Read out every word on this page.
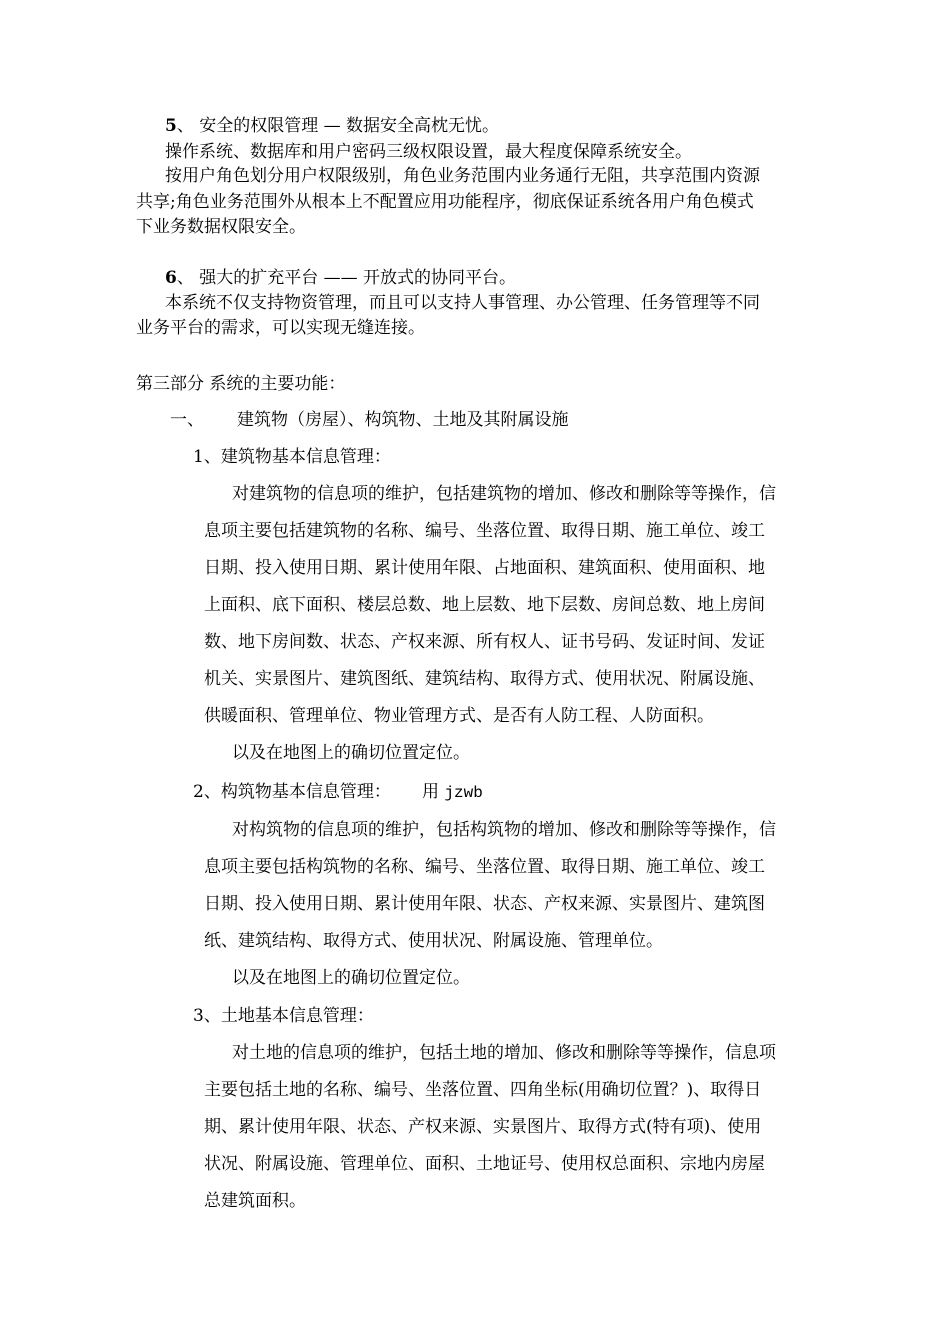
5、 安全的权限管理 — 数据安全高枕无忧。
操作系统、数据库和用户密码三级权限设置，最大程度保障系统安全。
按用户角色划分用户权限级别，角色业务范围内业务通行无阻，共享范围内资源
共享;角色业务范围外从根本上不配置应用功能程序，彻底保证系统各用户角色模式
下业务数据权限安全。
6、 强大的扩充平台 —— 开放式的协同平台。
本系统不仅支持物资管理，而且可以支持人事管理、办公管理、任务管理等不同
业务平台的需求，可以实现无缝连接。
第三部分 系统的主要功能：
一、 建筑物（房屋）、构筑物、土地及其附属设施
1、建筑物基本信息管理：
对建筑物的信息项的维护，包括建筑物的增加、修改和删除等等操作，信
息项主要包括建筑物的名称、编号、坐落位置、取得日期、施工单位、竣工
日期、投入使用日期、累计使用年限、占地面积、建筑面积、使用面积、地
上面积、底下面积、楼层总数、地上层数、地下层数、房间总数、地上房间
数、地下房间数、状态、产权来源、所有权人、证书号码、发证时间、发证
机关、实景图片、建筑图纸、建筑结构、取得方式、使用状况、附属设施、
供暖面积、管理单位、物业管理方式、是否有人防工程、人防面积。
以及在地图上的确切位置定位。
2、构筑物基本信息管理： 用 jzwb
对构筑物的信息项的维护，包括构筑物的增加、修改和删除等等操作，信
息项主要包括构筑物的名称、编号、坐落位置、取得日期、施工单位、竣工
日期、投入使用日期、累计使用年限、状态、产权来源、实景图片、建筑图
纸、建筑结构、取得方式、使用状况、附属设施、管理单位。
以及在地图上的确切位置定位。
3、土地基本信息管理：
对土地的信息项的维护，包括土地的增加、修改和删除等等操作，信息项
主要包括土地的名称、编号、坐落位置、四角坐标(用确切位置？)、取得日
期、累计使用年限、状态、产权来源、实景图片、取得方式(特有项)、使用
状况、附属设施、管理单位、面积、土地证号、使用权总面积、宗地内房屋
总建筑面积。
